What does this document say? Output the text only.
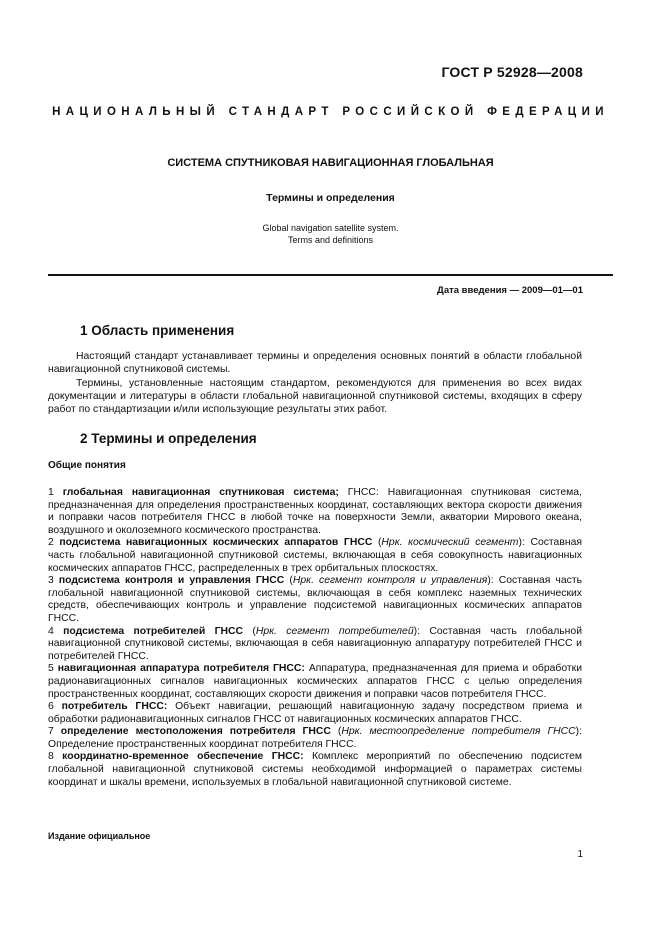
ГОСТ Р 52928—2008
НАЦИОНАЛЬНЫЙ СТАНДАРТ РОССИЙСКОЙ ФЕДЕРАЦИИ
СИСТЕМА СПУТНИКОВАЯ НАВИГАЦИОННАЯ ГЛОБАЛЬНАЯ
Термины и определения
Global navigation satellite system.
Terms and definitions
Дата введения — 2009—01—01
1 Область применения

Настоящий стандарт устанавливает термины и определения основных понятий в области глобальной навигационной спутниковой системы.

Термины, установленные настоящим стандартом, рекомендуются для применения во всех видах документации и литературы в области глобальной навигационной спутниковой системы, входящих в сферу работ по стандартизации и/или использующие результаты этих работ.

2 Термины и определения
Общие понятия

1 глобальная навигационная спутниковая система; ГНСС: Навигационная спутниковая система, предназначенная для определения пространственных координат, составляющих вектора скорости движения и поправки часов потребителя ГНСС в любой точке на поверхности Земли, акватории Мирового океана, воздушного и околоземного космического пространства.

2 подсистема навигационных космических аппаратов ГНСС (Нрк. космический сегмент): Составная часть глобальной навигационной спутниковой системы, включающая в себя совокупность навигационных космических аппаратов ГНСС, распределенных в трех орбитальных плоскостях.

3 подсистема контроля и управления ГНСС (Нрк. сегмент контроля и управления): Составная часть глобальной навигационной спутниковой системы, включающая в себя комплекс наземных технических средств, обеспечивающих контроль и управление подсистемой навигационных космических аппаратов ГНСС.

4 подсистема потребителей ГНСС (Нрк. сегмент потребителей): Составная часть глобальной навигационной спутниковой системы, включающая в себя навигационную аппаратуру потребителей ГНСС и потребителей ГНСС.

5 навигационная аппаратура потребителя ГНСС: Аппаратура, предназначенная для приема и обработки радионавигационных сигналов навигационных космических аппаратов ГНСС с целью определения пространственных координат, составляющих скорости движения и поправки часов потребителя ГНСС.

6 потребитель ГНСС: Объект навигации, решающий навигационную задачу посредством приема и обработки радионавигационных сигналов ГНСС от навигационных космических аппаратов ГНСС.

7 определение местоположения потребителя ГНСС (Нрк. местоопределение потребителя ГНСС): Определение пространственных координат потребителя ГНСС.

8 координатно-временное обеспечение ГНСС: Комплекс мероприятий по обеспечению подсистем глобальной навигационной спутниковой системы необходимой информацией о параметрах системы координат и шкалы времени, используемых в глобальной навигационной спутниковой системе.

Издание официальное
1
